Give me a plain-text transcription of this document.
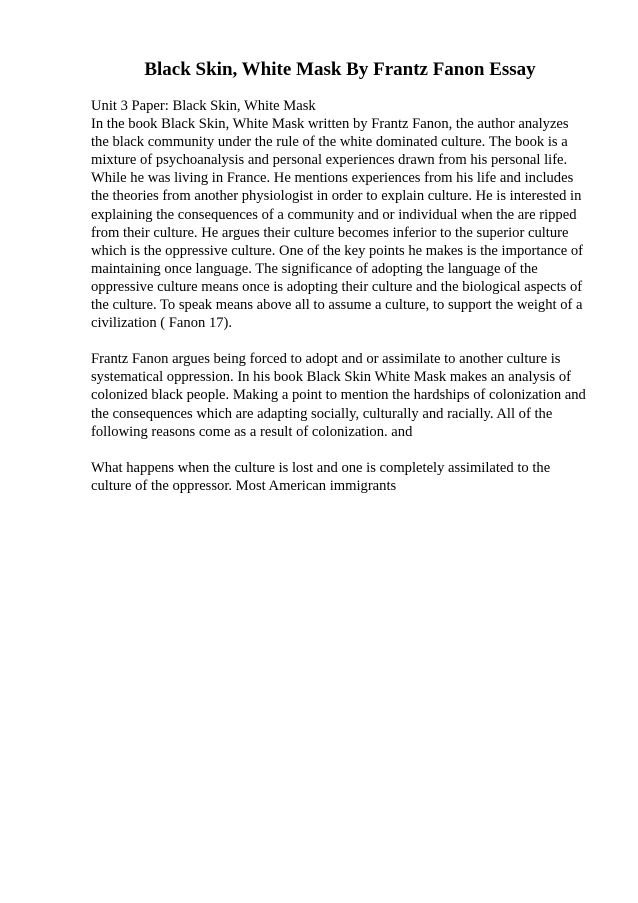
Black Skin, White Mask By Frantz Fanon Essay
Unit 3 Paper: Black Skin, White Mask
In the book Black Skin, White Mask written by Frantz Fanon, the author analyzes
the black community under the rule of the white dominated culture. The book is a
mixture of psychoanalysis and personal experiences drawn from his personal life.
While he was living in France. He mentions experiences from his life and includes
the theories from another physiologist in order to explain culture. He is interested in
explaining the consequences of a community and or individual when the are ripped
from their culture. He argues their culture becomes inferior to the superior culture
which is the oppressive culture. One of the key points he makes is the importance of
maintaining once language. The significance of adopting the language of the
oppressive culture means once is adopting their culture and the biological aspects of
the culture. To speak means above all to assume a culture, to support the weight of a
civilization ( Fanon 17).
Frantz Fanon argues being forced to adopt and or assimilate to another culture is
systematical oppression. In his book Black Skin White Mask makes an analysis of
colonized black people. Making a point to mention the hardships of colonization and
the consequences which are adapting socially, culturally and racially. All of the
following reasons come as a result of colonization. and
What happens when the culture is lost and one is completely assimilated to the
culture of the oppressor. Most American immigrants
